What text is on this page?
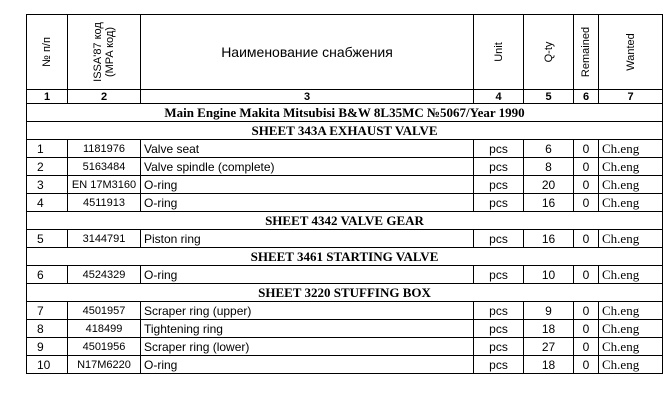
№ п/п	ISSA'87 код (MPA код)	Наименование снабжения	Unit	Q-ty	Remained	Wanted

1	2	3	4	5	6	7
Main Engine Makita Mitsubisi B&W 8L35MC №5067/Year 1990						
SHEET 343A EXHAUST VALVE						
1	1181976	Valve seat	pcs	6	0	Ch.eng
2	5163484	Valve spindle (complete)	pcs	8	0	Ch.eng
3	EN 17M3160	O-ring	pcs	20	0	Ch.eng
4	4511913	O-ring	pcs	16	0	Ch.eng
SHEET 4342 VALVE GEAR						
5	3144791	Piston ring	pcs	16	0	Ch.eng
SHEET 3461 STARTING VALVE						
6	4524329	O-ring	pcs	10	0	Ch.eng
SHEET 3220 STUFFING BOX						
7	4501957	Scraper ring (upper)	pcs	9	0	Ch.eng
8	418499	Tightening ring	pcs	18	0	Ch.eng
9	4501956	Scraper ring (lower)	pcs	27	0	Ch.eng
10	N17M6220	O-ring	pcs	18	0	Ch.eng
